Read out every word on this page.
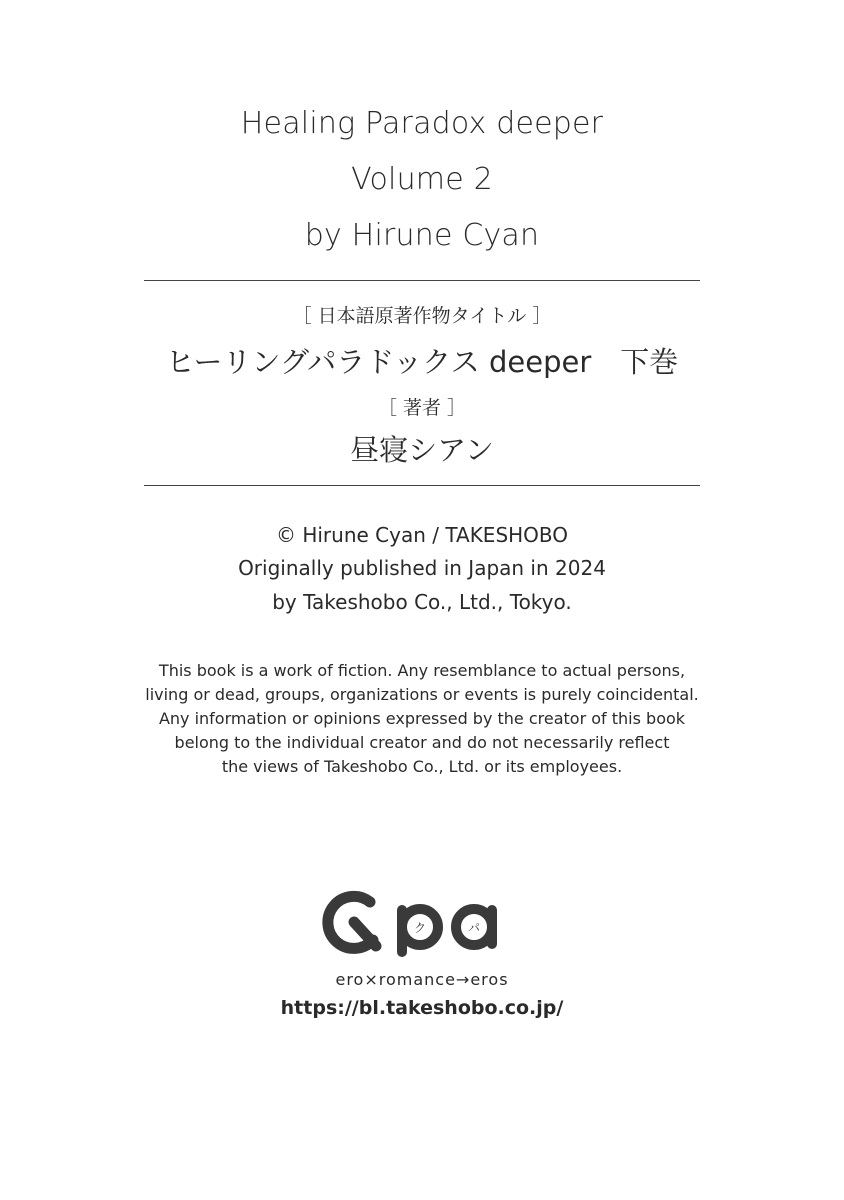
Healing Paradox deeper
Volume 2
by Hirune Cyan
［ 日本語原著作物タイトル ］
ヒーリングパラドックス deeper　下巻
［ 著者 ］
昼寝シアン
© Hirune Cyan / TAKESHOBO
Originally published in Japan in 2024
by Takeshobo Co., Ltd., Tokyo.
This book is a work of fiction. Any resemblance to actual persons,
living or dead, groups, organizations or events is purely coincidental.
Any information or opinions expressed by the creator of this book
belong to the individual creator and do not necessarily reflect
the views of Takeshobo Co., Ltd. or its employees.
ク	パ
ero×romance→eros
https://bl.takeshobo.co.jp/
